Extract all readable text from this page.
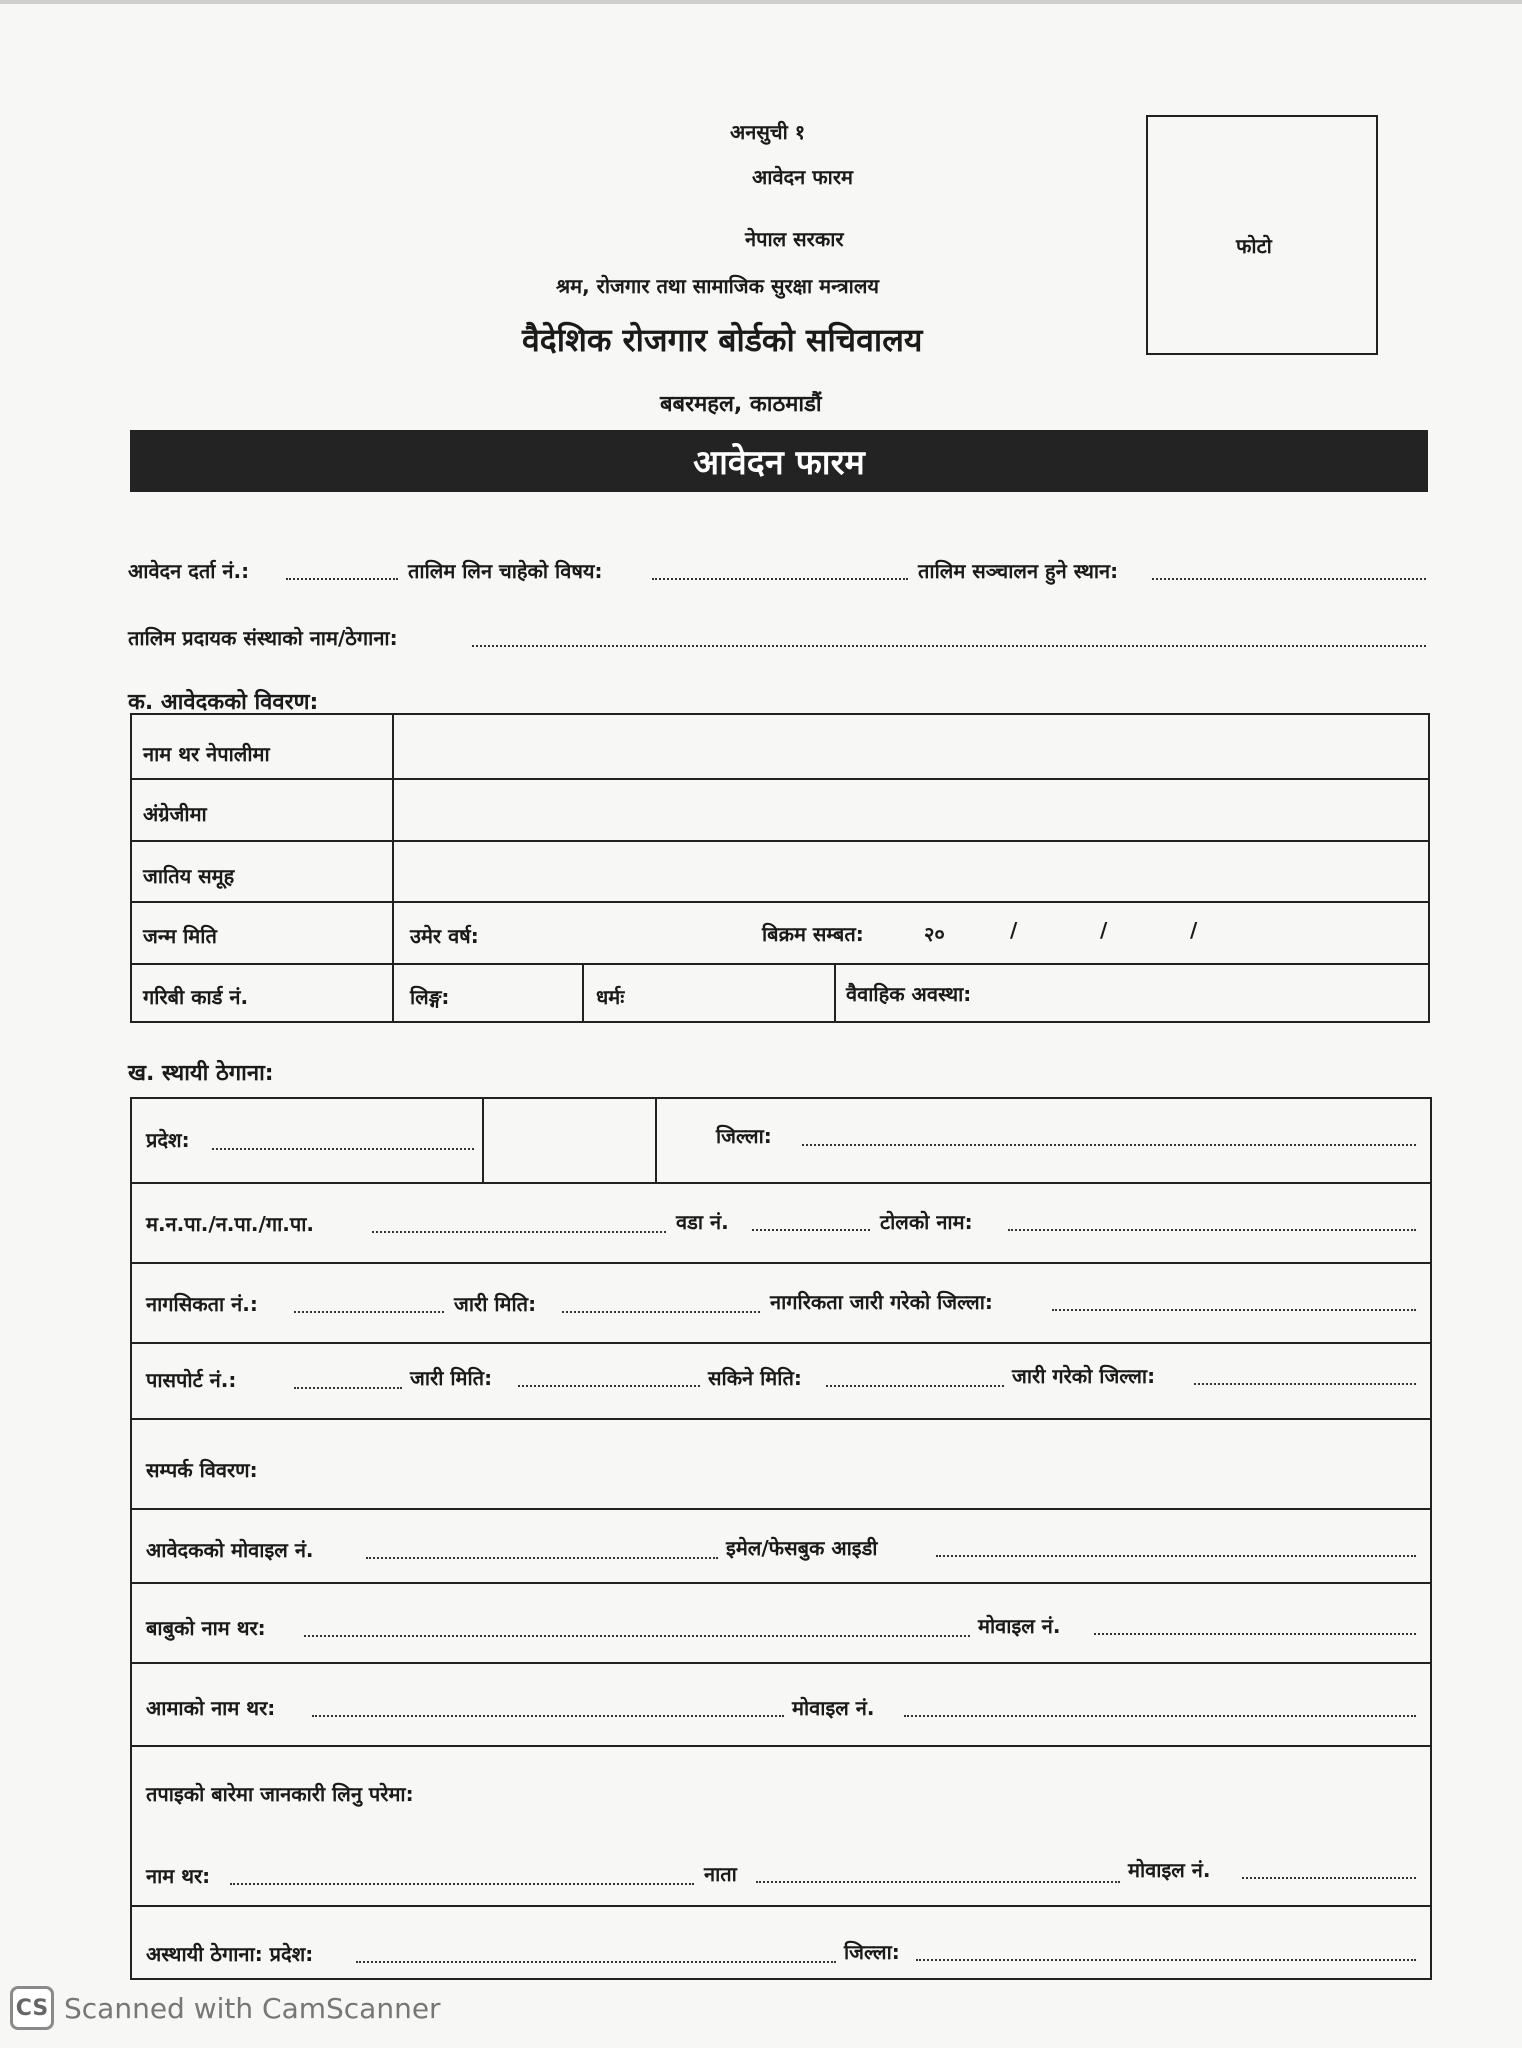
अनसुची १
आवेदन फारम
नेपाल सरकार
श्रम, रोजगार तथा सामाजिक सुरक्षा मन्त्रालय
वैदेशिक रोजगार बोर्डको सचिवालय
बबरमहल, काठमाडौं
फोटो
आवेदन फारम
आवेदन दर्ता नं.:	तालिम लिन चाहेको विषय:	तालिम सञ्चालन हुने स्थान:
तालिम प्रदायक संस्थाको नाम/ठेगाना:
क. आवेदकको विवरण:
नाम थर नेपालीमा
अंग्रेजीमा
जातिय समूह
जन्म मिति	उमेर वर्ष:	बिक्रम सम्बत:	२०	/	/	/
गरिबी कार्ड नं.	लिङ्ग:	धर्मः	वैवाहिक अवस्था:
ख. स्थायी ठेगाना:
प्रदेश:	जिल्ला:
म.न.पा./न.पा./गा.पा.	वडा नं.	टोलको नाम:
नागसिकता नं.:	जारी मिति:	नागरिकता जारी गरेको जिल्ला:
पासपोर्ट नं.:	जारी मिति:	सकिने मिति:	जारी गरेको जिल्ला:
सम्पर्क विवरण:
आवेदकको मोवाइल नं.	इमेल/फेसबुक आइडी
बाबुको नाम थर:	मोवाइल नं.
आमाको नाम थर:	मोवाइल नं.
तपाइको बारेमा जानकारी लिनु परेमा:
नाम थर:	नाता	मोवाइल नं.
अस्थायी ठेगाना: प्रदेश:	जिल्ला:
CS Scanned with CamScanner
